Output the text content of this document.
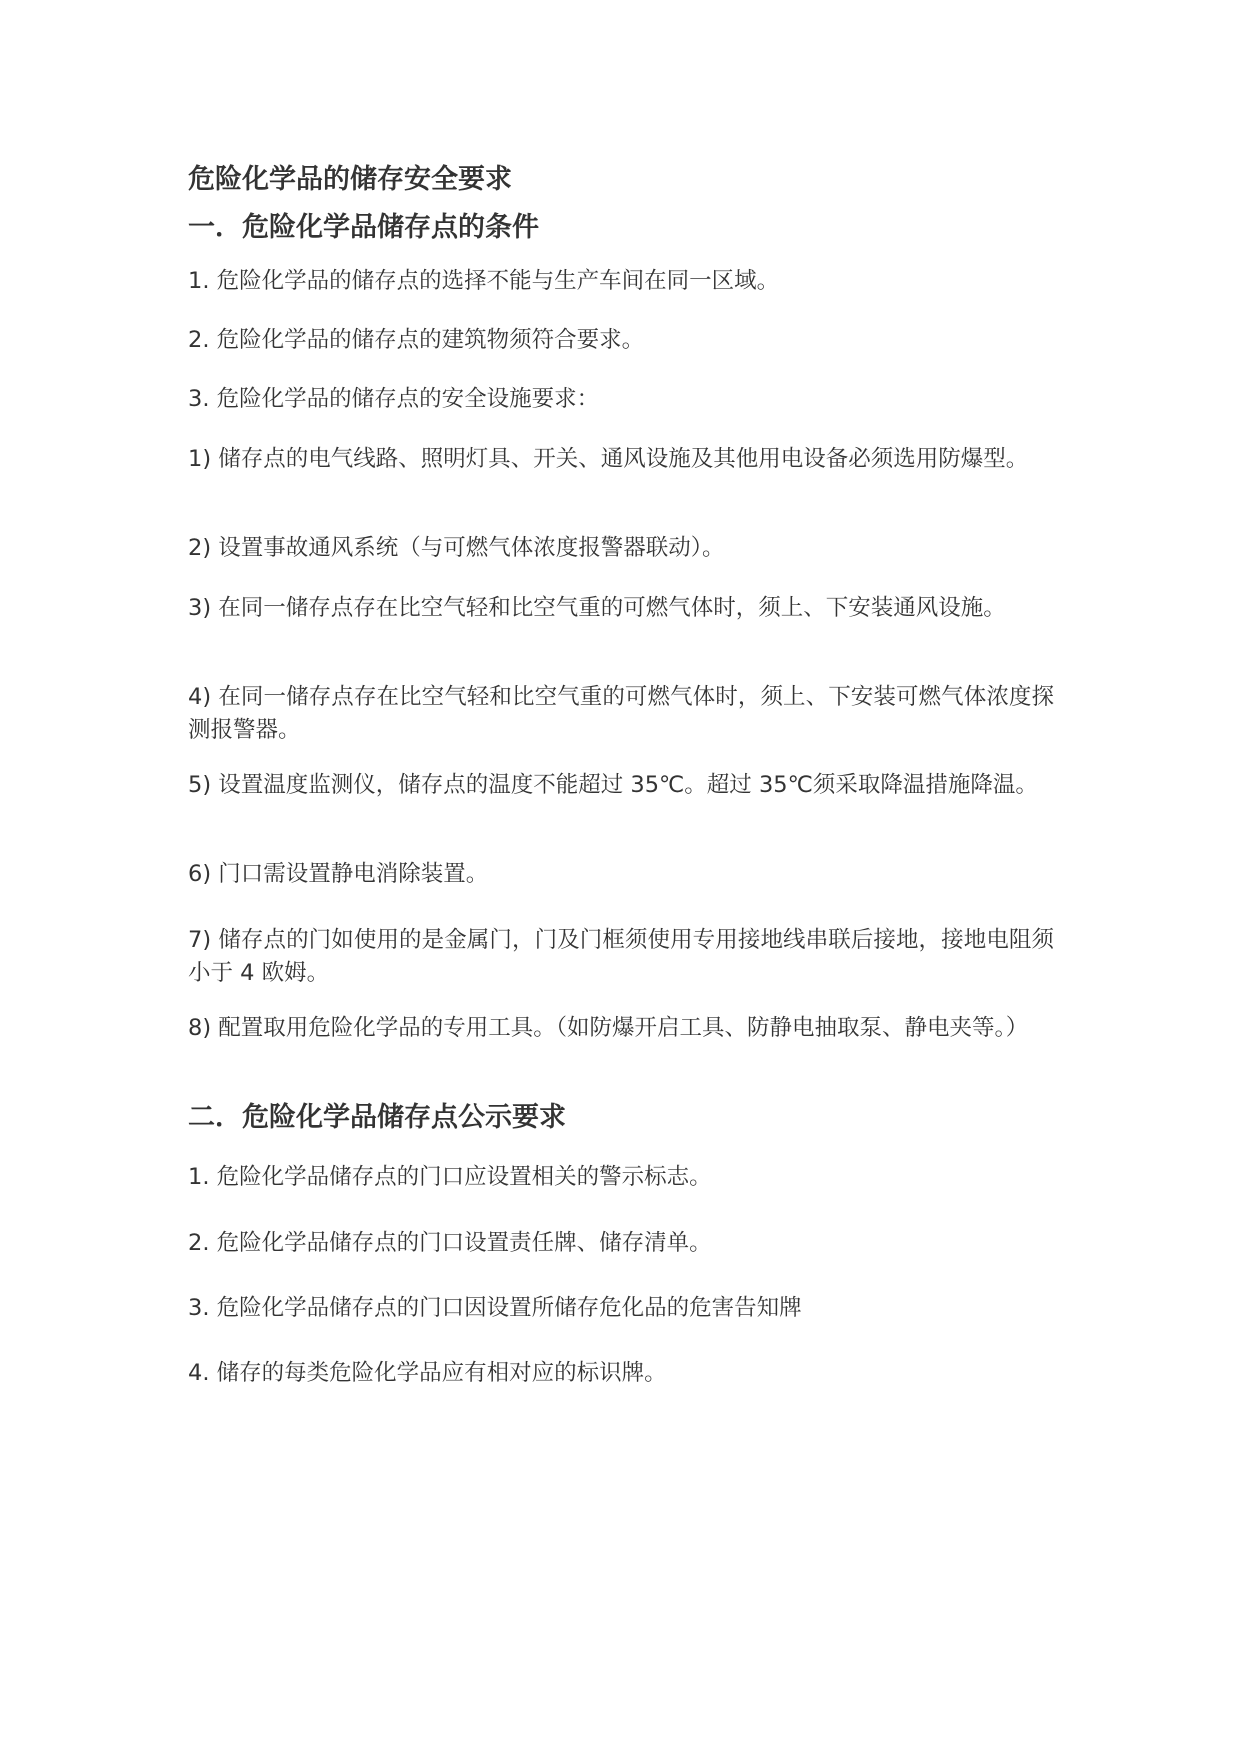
危险化学品的储存安全要求
一．危险化学品储存点的条件

1. 危险化学品的储存点的选择不能与生产车间在同一区域。

2. 危险化学品的储存点的建筑物须符合要求。

3. 危险化学品的储存点的安全设施要求：

1) 储存点的电气线路、照明灯具、开关、通风设施及其他用电设备必须选用防爆型。

2) 设置事故通风系统（与可燃气体浓度报警器联动）。

3) 在同一储存点存在比空气轻和比空气重的可燃气体时，须上、下安装通风设施。

4) 在同一储存点存在比空气轻和比空气重的可燃气体时，须上、下安装可燃气体浓度探测报警器。

5) 设置温度监测仪，储存点的温度不能超过 35℃。超过 35℃须采取降温措施降温。

6) 门口需设置静电消除装置。

7) 储存点的门如使用的是金属门，门及门框须使用专用接地线串联后接地，接地电阻须小于 4 欧姆。

8) 配置取用危险化学品的专用工具。（如防爆开启工具、防静电抽取泵、静电夹等。）

二．危险化学品储存点公示要求

1. 危险化学品储存点的门口应设置相关的警示标志。

2. 危险化学品储存点的门口设置责任牌、储存清单。

3. 危险化学品储存点的门口因设置所储存危化品的危害告知牌

4. 储存的每类危险化学品应有相对应的标识牌。
